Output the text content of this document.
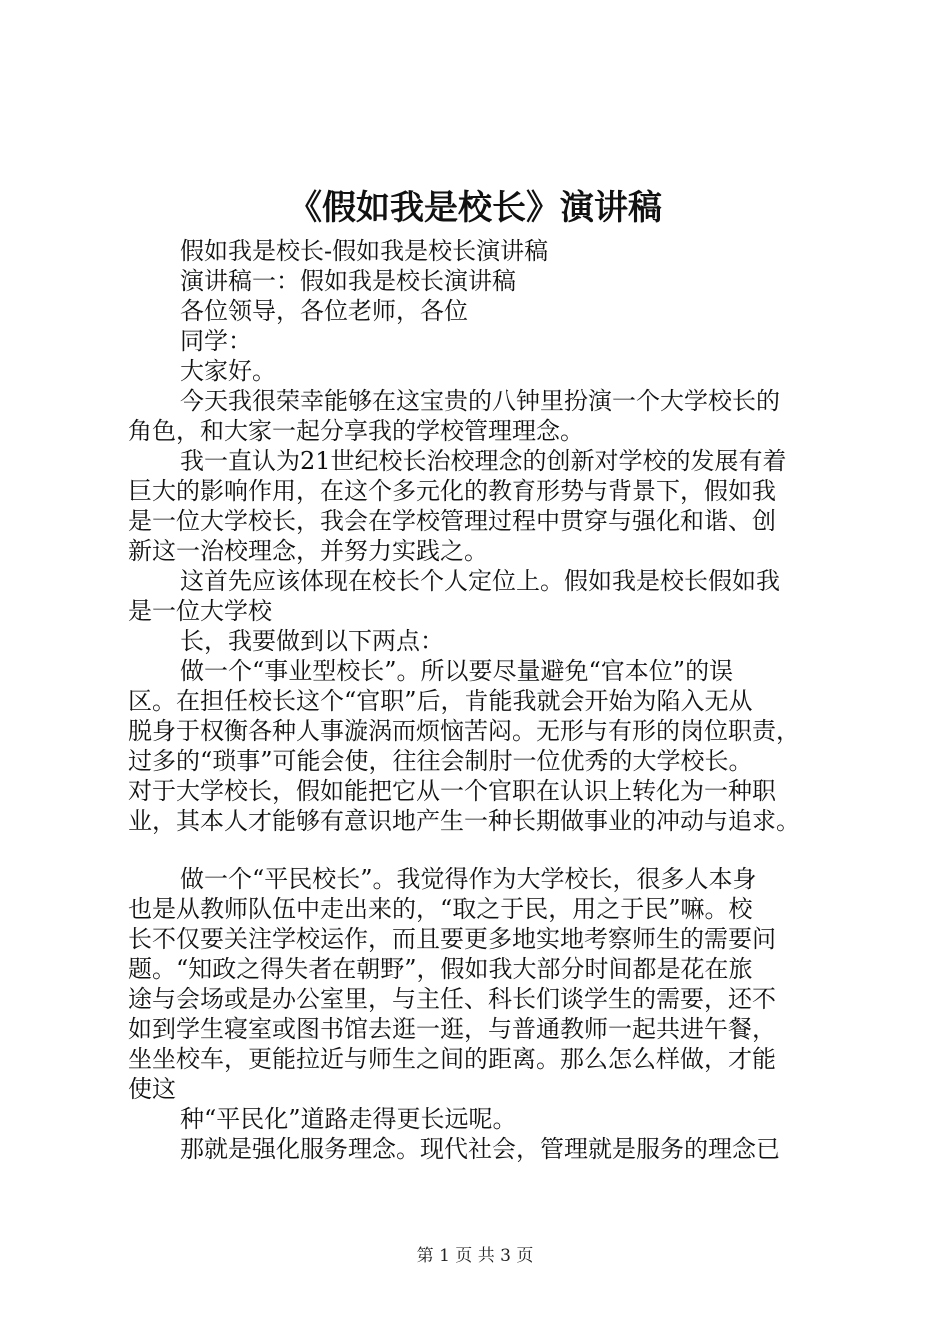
《假如我是校长》演讲稿
假如我是校长-假如我是校长演讲稿
演讲稿一：假如我是校长演讲稿
各位领导，各位老师，各位
同学：
大家好。
今天我很荣幸能够在这宝贵的八钟里扮演一个大学校长的
角色，和大家一起分享我的学校管理理念。
我一直认为21世纪校长治校理念的创新对学校的发展有着
巨大的影响作用，在这个多元化的教育形势与背景下，假如我
是一位大学校长，我会在学校管理过程中贯穿与强化和谐、创
新这一治校理念，并努力实践之。
这首先应该体现在校长个人定位上。假如我是校长假如我
是一位大学校
长，我要做到以下两点：
做一个“事业型校长”。所以要尽量避免“官本位”的误
区。在担任校长这个“官职”后，肯能我就会开始为陷入无从
脱身于权衡各种人事漩涡而烦恼苦闷。无形与有形的岗位职责，
过多的“琐事”可能会使，往往会制肘一位优秀的大学校长。
对于大学校长，假如能把它从一个官职在认识上转化为一种职
业，其本人才能够有意识地产生一种长期做事业的冲动与追求。
做一个“平民校长”。我觉得作为大学校长，很多人本身
也是从教师队伍中走出来的，“取之于民，用之于民”嘛。校
长不仅要关注学校运作，而且要更多地实地考察师生的需要问
题。“知政之得失者在朝野”，假如我大部分时间都是花在旅
途与会场或是办公室里，与主任、科长们谈学生的需要，还不
如到学生寝室或图书馆去逛一逛，与普通教师一起共进午餐，
坐坐校车，更能拉近与师生之间的距离。那么怎么样做，才能
使这
种“平民化”道路走得更长远呢。
那就是强化服务理念。现代社会，管理就是服务的理念已
第 1 页 共 3 页
